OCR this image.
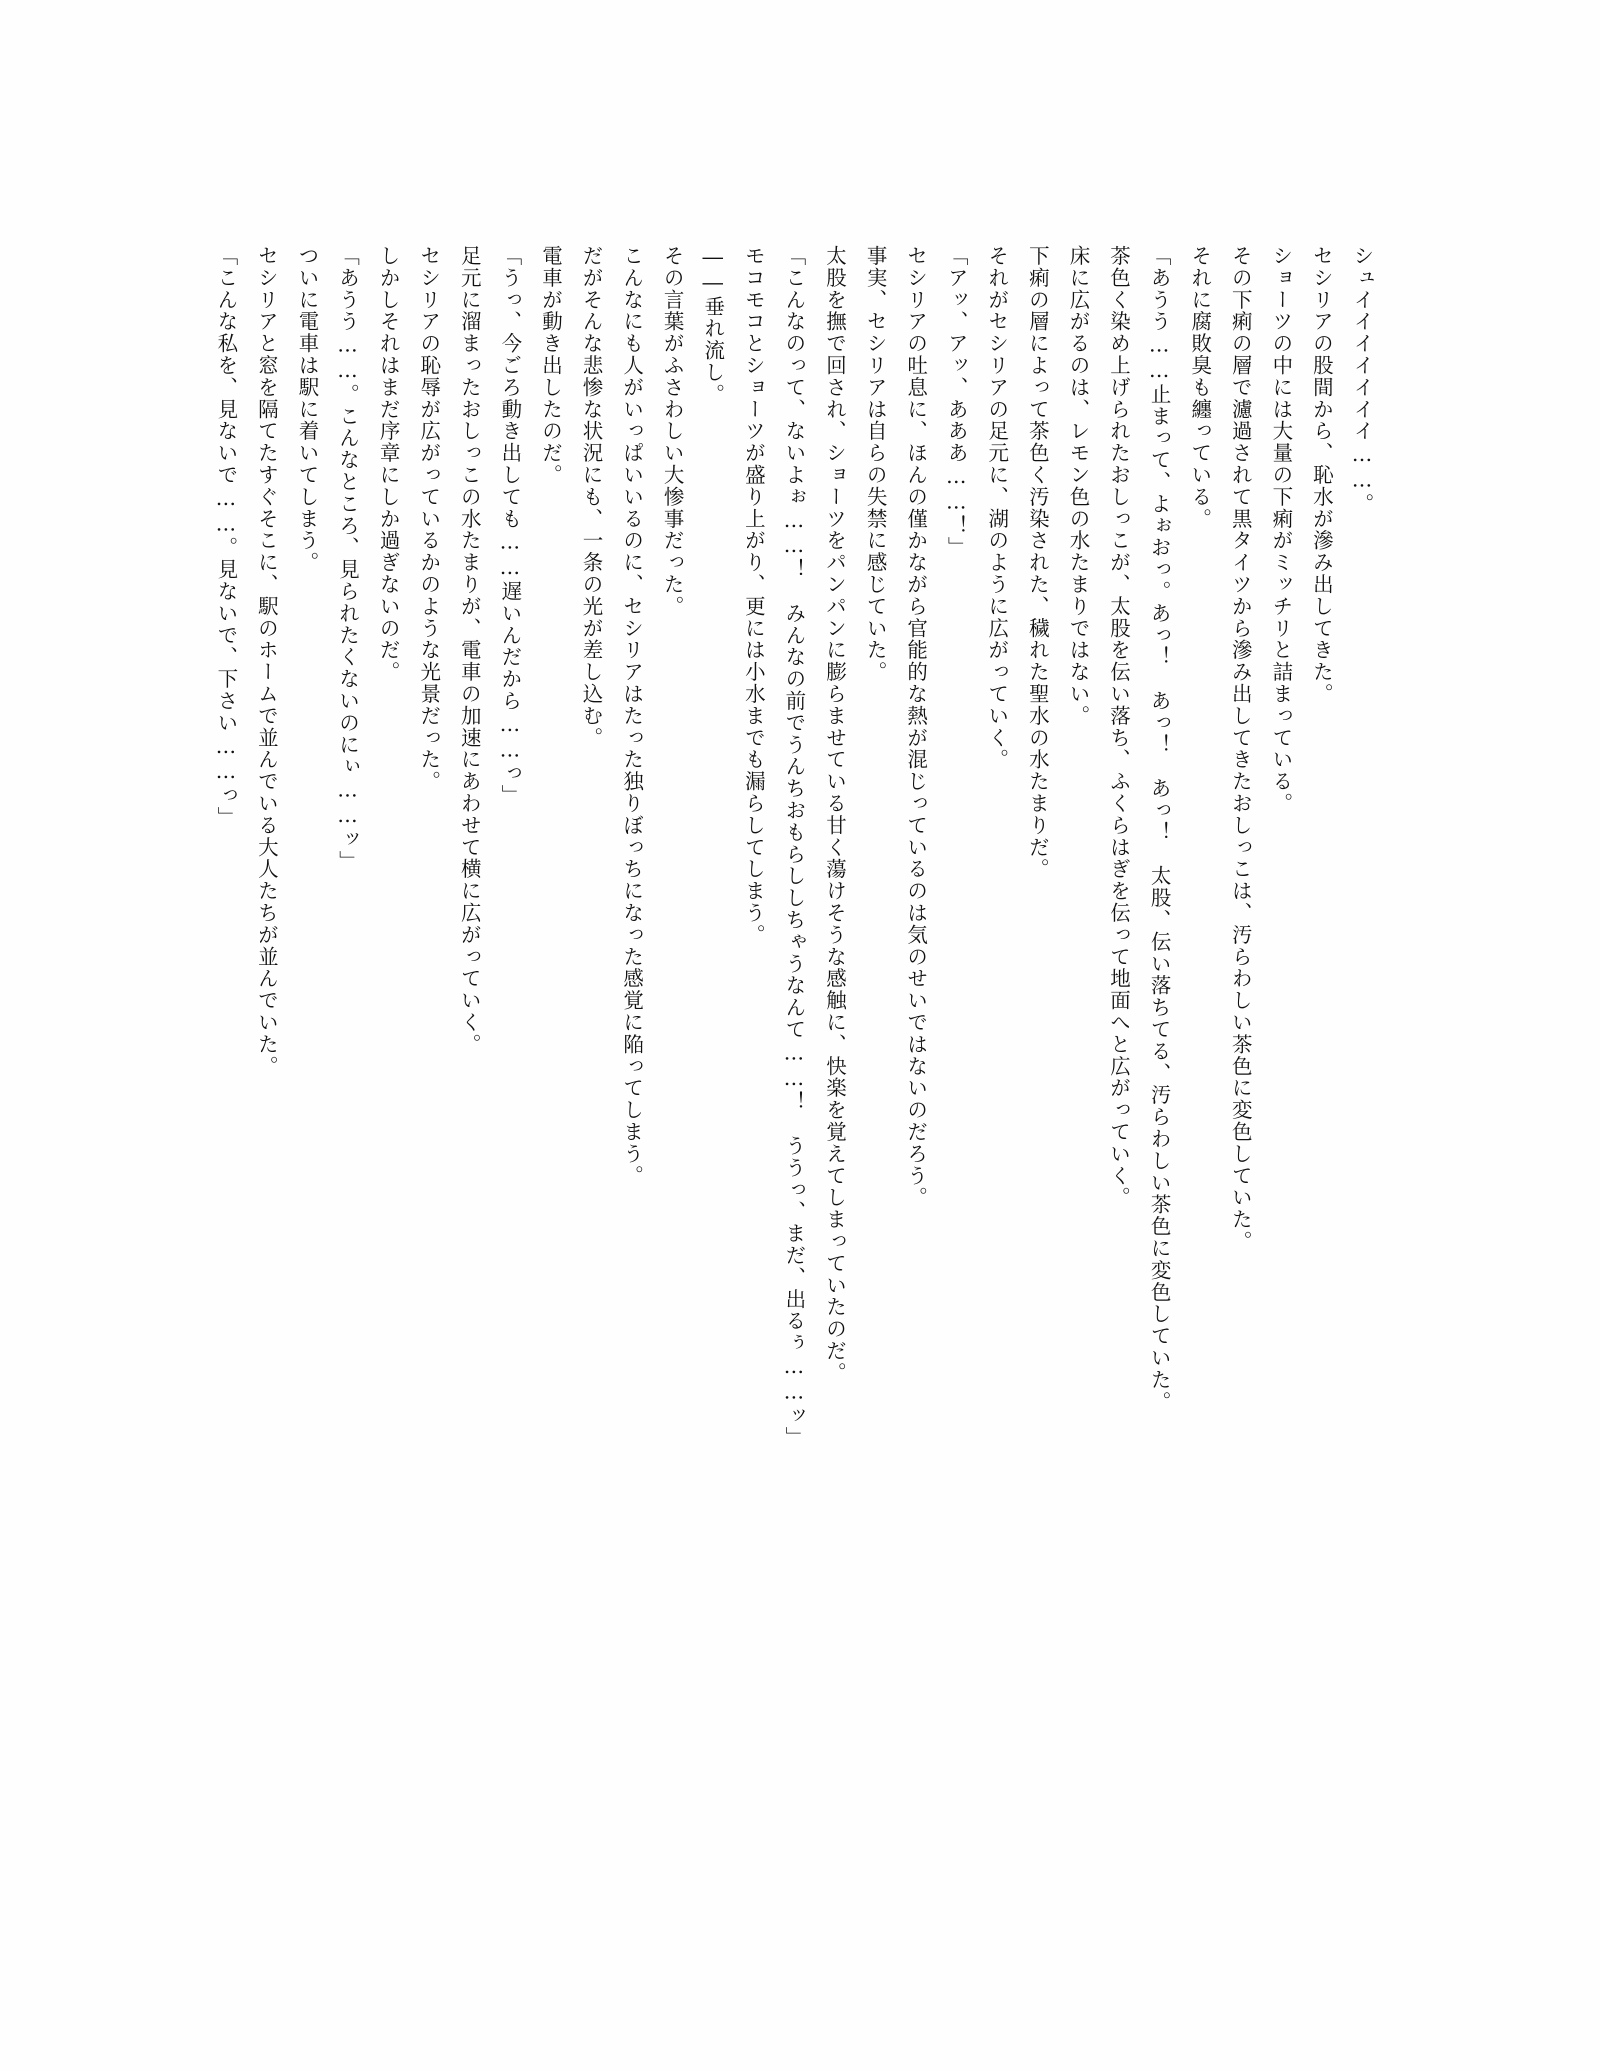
シュイイイイイイイ……。

セシリアの股間から、恥水が滲み出してきた。

ショーツの中には大量の下痢がミッチリと詰まっている。

その下痢の層で濾過されて黒タイツから滲み出してきたおしっこは、汚らわしい茶色に変色していた。

それに腐敗臭も纏っている。

「あうう……止まって、よぉおっ。あっ！　あっ！　あっ！　太股、伝い落ちてる、汚らわしい茶色に変色していた。

茶色く染め上げられたおしっこが、太股を伝い落ち、ふくらはぎを伝って地面へと広がっていく。

床に広がるのは、レモン色の水たまりではない。

下痢の層によって茶色く汚染された、穢れた聖水の水たまりだ。

それがセシリアの足元に、湖のように広がっていく。

「アッ、アッ、あああ……！」

セシリアの吐息に、ほんの僅かながら官能的な熱が混じっているのは気のせいではないのだろう。

事実、セシリアは自らの失禁に感じていた。

太股を撫で回され、ショーツをパンパンに膨らませている甘く蕩けそうな感触に、快楽を覚えてしまっていたのだ。

「こんなのって、ないよぉ……！　みんなの前でうんちおもらししちゃうなんて……！　ううっ、まだ、出るぅ……ッ」

モコモコとショーツが盛り上がり、更には小水までも漏らしてしまう。

――垂れ流し。

その言葉がふさわしい大惨事だった。

こんなにも人がいっぱいいるのに、セシリアはたった独りぼっちになった感覚に陥ってしまう。

だがそんな悲惨な状況にも、一条の光が差し込む。

電車が動き出したのだ。

「うっ、今ごろ動き出しても……遅いんだから……っ」

足元に溜まったおしっこの水たまりが、電車の加速にあわせて横に広がっていく。

セシリアの恥辱が広がっているかのような光景だった。

しかしそれはまだ序章にしか過ぎないのだ。

「あうう……。こんなところ、見られたくないのにぃ……ッ」

ついに電車は駅に着いてしまう。

セシリアと窓を隔てたすぐそこに、駅のホームで並んでいる大人たちが並んでいた。

「こんな私を、見ないで……。見ないで、下さい……っ」
